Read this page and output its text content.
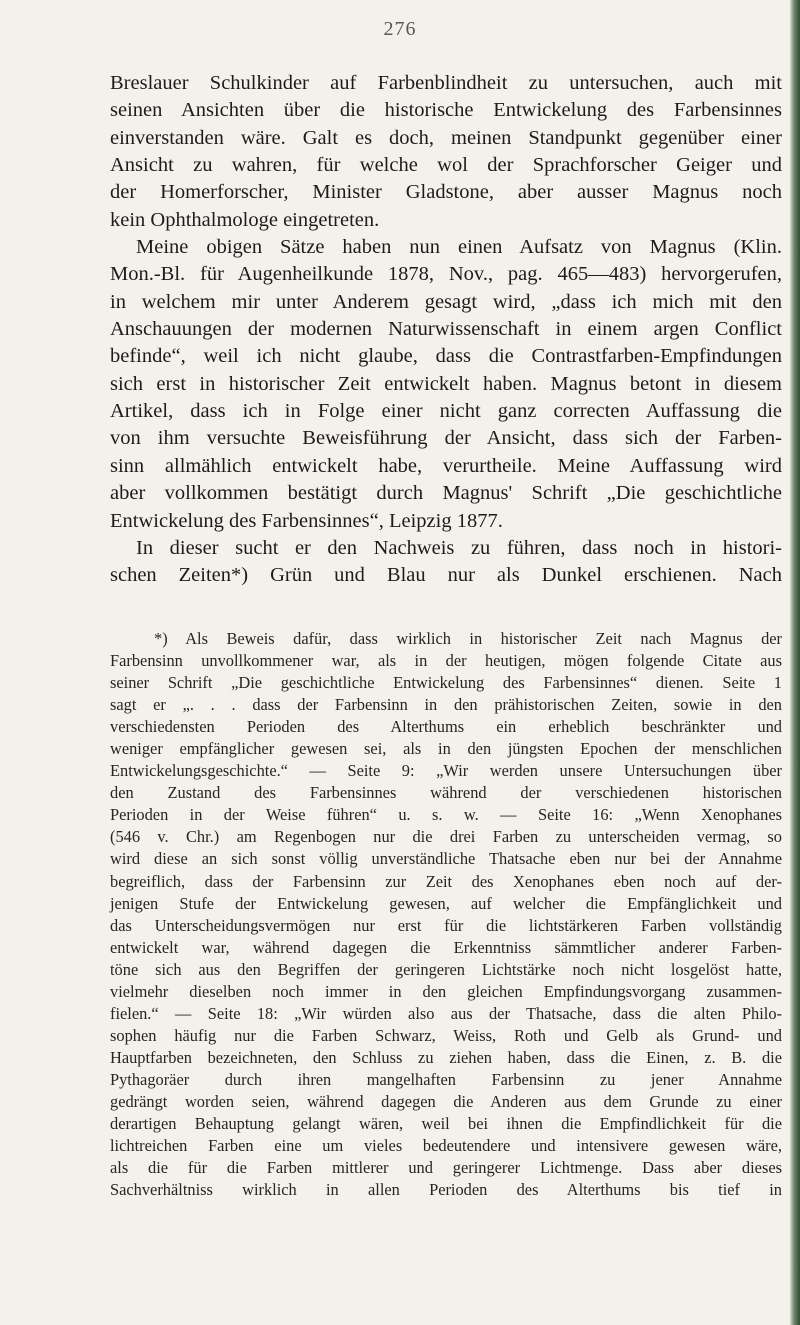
276
Breslauer Schulkinder auf Farbenblindheit zu untersuchen, auch mit
seinen Ansichten über die historische Entwickelung des Farbensinnes
einverstanden wäre. Galt es doch, meinen Standpunkt gegenüber einer
Ansicht zu wahren, für welche wol der Sprachforscher Geiger und
der Homerforscher, Minister Gladstone, aber ausser Magnus noch
kein Ophthalmologe eingetreten.
Meine obigen Sätze haben nun einen Aufsatz von Magnus (Klin.
Mon.-Bl. für Augenheilkunde 1878, Nov., pag. 465—483) hervorgerufen,
in welchem mir unter Anderem gesagt wird, „dass ich mich mit den
Anschauungen der modernen Naturwissenschaft in einem argen Conflict
befinde“, weil ich nicht glaube, dass die Contrastfarben-Empfindungen
sich erst in historischer Zeit entwickelt haben. Magnus betont in diesem
Artikel, dass ich in Folge einer nicht ganz correcten Auffassung die
von ihm versuchte Beweisführung der Ansicht, dass sich der Farben-
sinn allmählich entwickelt habe, verurtheile. Meine Auffassung wird
aber vollkommen bestätigt durch Magnus' Schrift „Die geschichtliche
Entwickelung des Farbensinnes“, Leipzig 1877.
In dieser sucht er den Nachweis zu führen, dass noch in histori-
schen Zeiten*) Grün und Blau nur als Dunkel erschienen. Nach
*) Als Beweis dafür, dass wirklich in historischer Zeit nach Magnus der
Farbensinn unvollkommener war, als in der heutigen, mögen folgende Citate aus
seiner Schrift „Die geschichtliche Entwickelung des Farbensinnes“ dienen. Seite 1
sagt er „. . . dass der Farbensinn in den prähistorischen Zeiten, sowie in den
verschiedensten Perioden des Alterthums ein erheblich beschränkter und
weniger empfänglicher gewesen sei, als in den jüngsten Epochen der menschlichen
Entwickelungsgeschichte.“ — Seite 9: „Wir werden unsere Untersuchungen über
den Zustand des Farbensinnes während der verschiedenen historischen
Perioden in der Weise führen“ u. s. w. — Seite 16: „Wenn Xenophanes
(546 v. Chr.) am Regenbogen nur die drei Farben zu unterscheiden vermag, so
wird diese an sich sonst völlig unverständliche Thatsache eben nur bei der Annahme
begreiflich, dass der Farbensinn zur Zeit des Xenophanes eben noch auf der-
jenigen Stufe der Entwickelung gewesen, auf welcher die Empfänglichkeit und
das Unterscheidungsvermögen nur erst für die lichtstärkeren Farben vollständig
entwickelt war, während dagegen die Erkenntniss sämmtlicher anderer Farben-
töne sich aus den Begriffen der geringeren Lichtstärke noch nicht losgelöst hatte,
vielmehr dieselben noch immer in den gleichen Empfindungsvorgang zusammen-
fielen.“ — Seite 18: „Wir würden also aus der Thatsache, dass die alten Philo-
sophen häufig nur die Farben Schwarz, Weiss, Roth und Gelb als Grund- und
Hauptfarben bezeichneten, den Schluss zu ziehen haben, dass die Einen, z. B. die
Pythagoräer durch ihren mangelhaften Farbensinn zu jener Annahme
gedrängt worden seien, während dagegen die Anderen aus dem Grunde zu einer
derartigen Behauptung gelangt wären, weil bei ihnen die Empfindlichkeit für die
lichtreichen Farben eine um vieles bedeutendere und intensivere gewesen wäre,
als die für die Farben mittlerer und geringerer Lichtmenge. Dass aber dieses
Sachverhältniss wirklich in allen Perioden des Alterthums bis tief in
